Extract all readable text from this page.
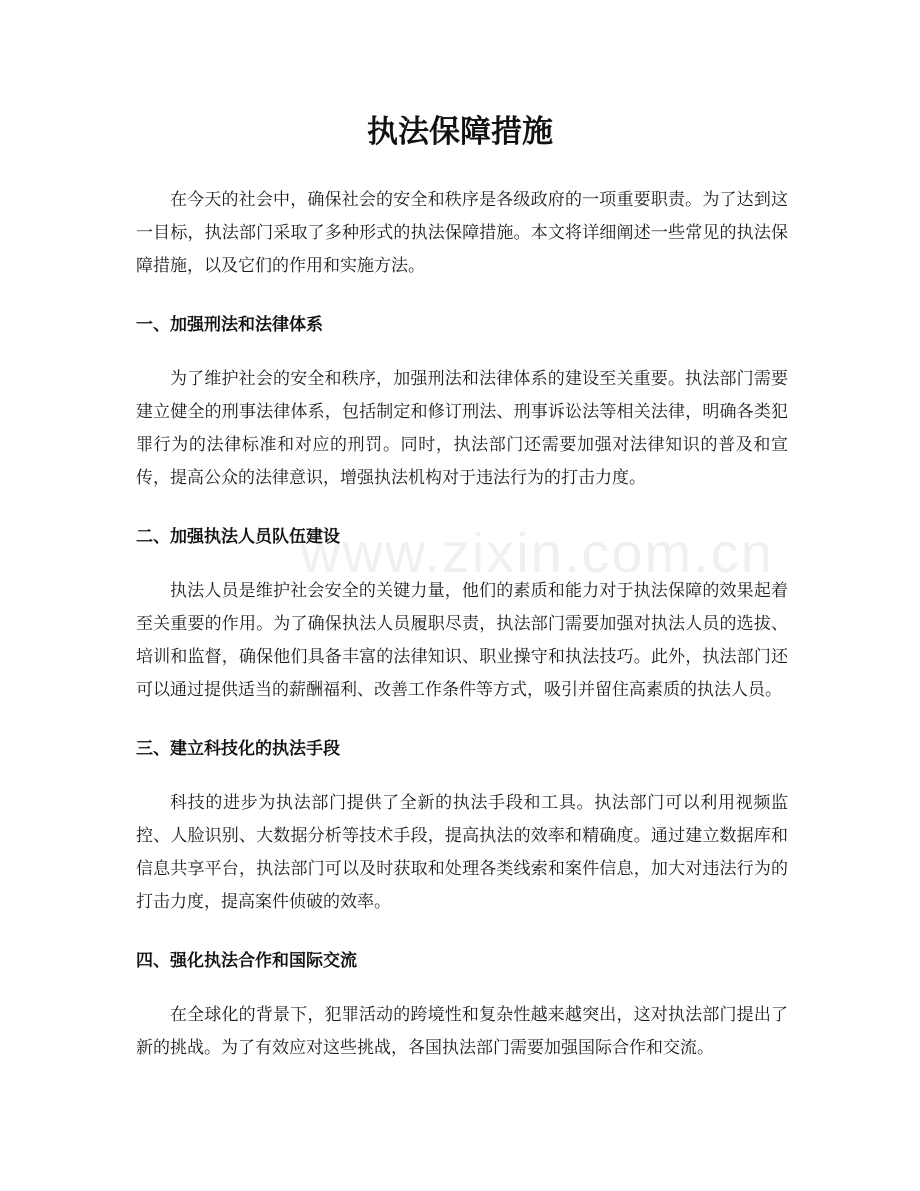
www.zixin.com.cn
执法保障措施

在今天的社会中，确保社会的安全和秩序是各级政府的一项重要职责。为了达到这一目标，执法部门采取了多种形式的执法保障措施。本文将详细阐述一些常见的执法保障措施，以及它们的作用和实施方法。

一、加强刑法和法律体系

为了维护社会的安全和秩序，加强刑法和法律体系的建设至关重要。执法部门需要建立健全的刑事法律体系，包括制定和修订刑法、刑事诉讼法等相关法律，明确各类犯罪行为的法律标准和对应的刑罚。同时，执法部门还需要加强对法律知识的普及和宣传，提高公众的法律意识，增强执法机构对于违法行为的打击力度。

二、加强执法人员队伍建设

执法人员是维护社会安全的关键力量，他们的素质和能力对于执法保障的效果起着至关重要的作用。为了确保执法人员履职尽责，执法部门需要加强对执法人员的选拔、培训和监督，确保他们具备丰富的法律知识、职业操守和执法技巧。此外，执法部门还可以通过提供适当的薪酬福利、改善工作条件等方式，吸引并留住高素质的执法人员。

三、建立科技化的执法手段

科技的进步为执法部门提供了全新的执法手段和工具。执法部门可以利用视频监控、人脸识别、大数据分析等技术手段，提高执法的效率和精确度。通过建立数据库和信息共享平台，执法部门可以及时获取和处理各类线索和案件信息，加大对违法行为的打击力度，提高案件侦破的效率。

四、强化执法合作和国际交流

在全球化的背景下，犯罪活动的跨境性和复杂性越来越突出，这对执法部门提出了新的挑战。为了有效应对这些挑战，各国执法部门需要加强国际合作和交流。
